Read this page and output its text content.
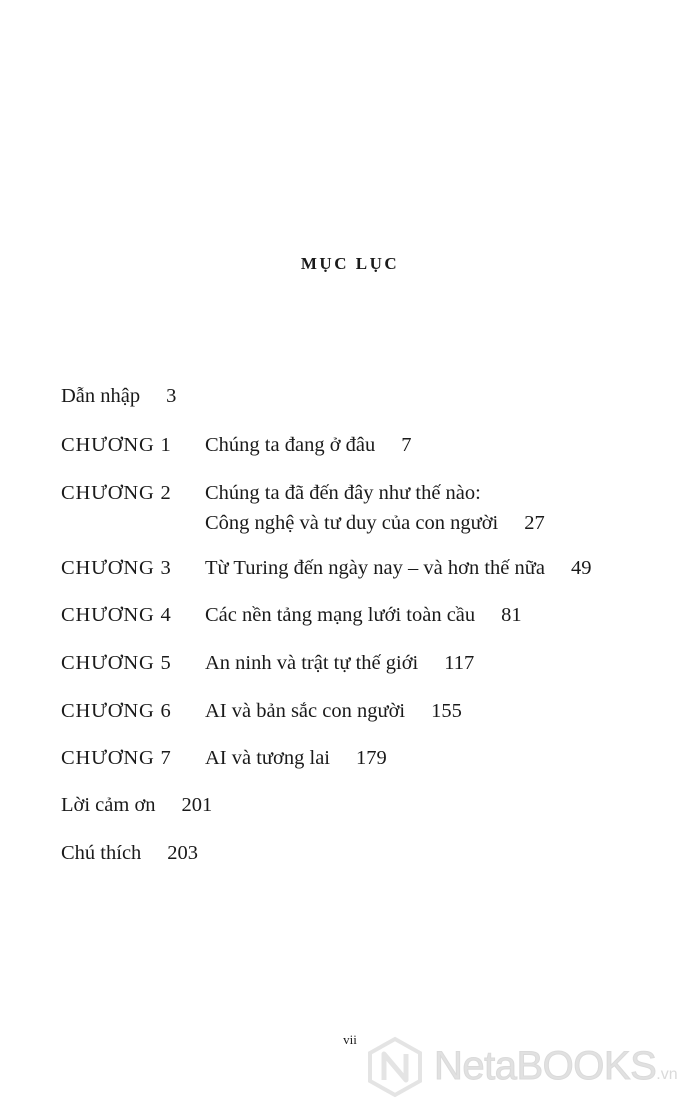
MỤC LỤC
Dẫn nhập 3
CHƯƠNG 1 Chúng ta đang ở đâu 7
CHƯƠNG 2 Chúng ta đã đến đây như thế nào:
Công nghệ và tư duy của con người 27
CHƯƠNG 3 Từ Turing đến ngày nay – và hơn thế nữa 49
CHƯƠNG 4 Các nền tảng mạng lưới toàn cầu 81
CHƯƠNG 5 An ninh và trật tự thế giới 117
CHƯƠNG 6 AI và bản sắc con người 155
CHƯƠNG 7 AI và tương lai 179
Lời cảm ơn 201
Chú thích 203
vii
NetaBOOKS.vn
